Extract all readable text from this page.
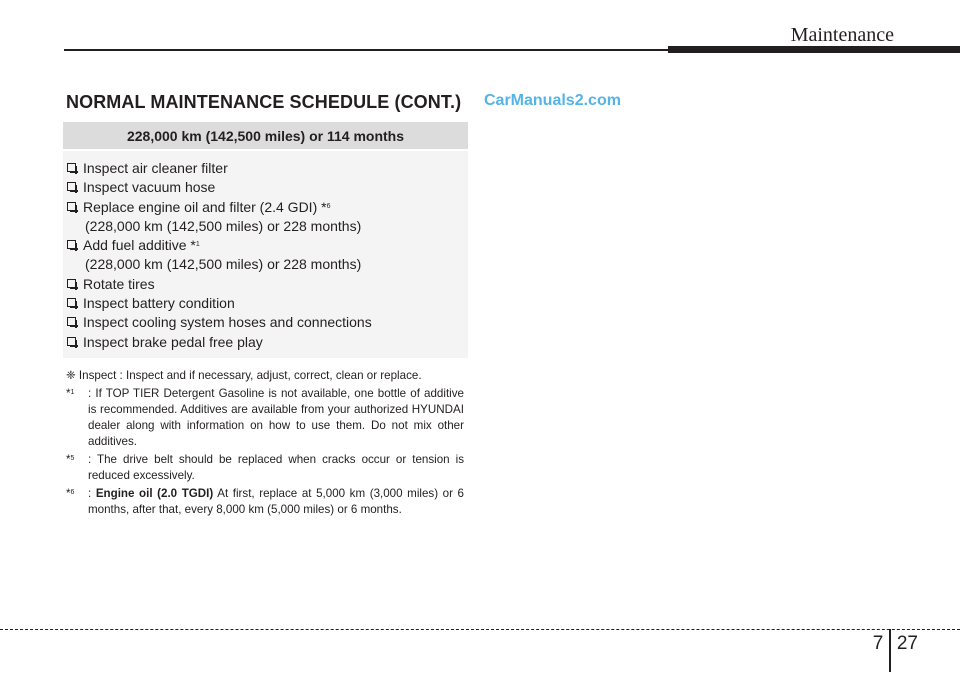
Maintenance
NORMAL MAINTENANCE SCHEDULE (CONT.) CarManuals2.com
228,000 km (142,500 miles) or 114 months
Inspect air cleaner filter
Inspect vacuum hose
Replace engine oil and filter (2.4 GDI) *$^6$
(228,000 km (142,500 miles) or 228 months)
Add fuel additive *$^1$
(228,000 km (142,500 miles) or 228 months)
Rotate tires
Inspect battery condition
Inspect cooling system hoses and connections
Inspect brake pedal free play
❈ Inspect : Inspect and if necessary, adjust, correct, clean or replace.
*$^1$ : If TOP TIER Detergent Gasoline is not available, one bottle of additive is recommended. Additives are available from your authorized HYUNDAI dealer along with information on how to use them. Do not mix other additives.
*$^5$ : The drive belt should be replaced when cracks occur or tension is reduced excessively.
*$^6$ : Engine oil (2.0 TGDI) At first, replace at 5,000 km (3,000 miles) or 6 months, after that, every 8,000 km (5,000 miles) or 6 months.
7 27
